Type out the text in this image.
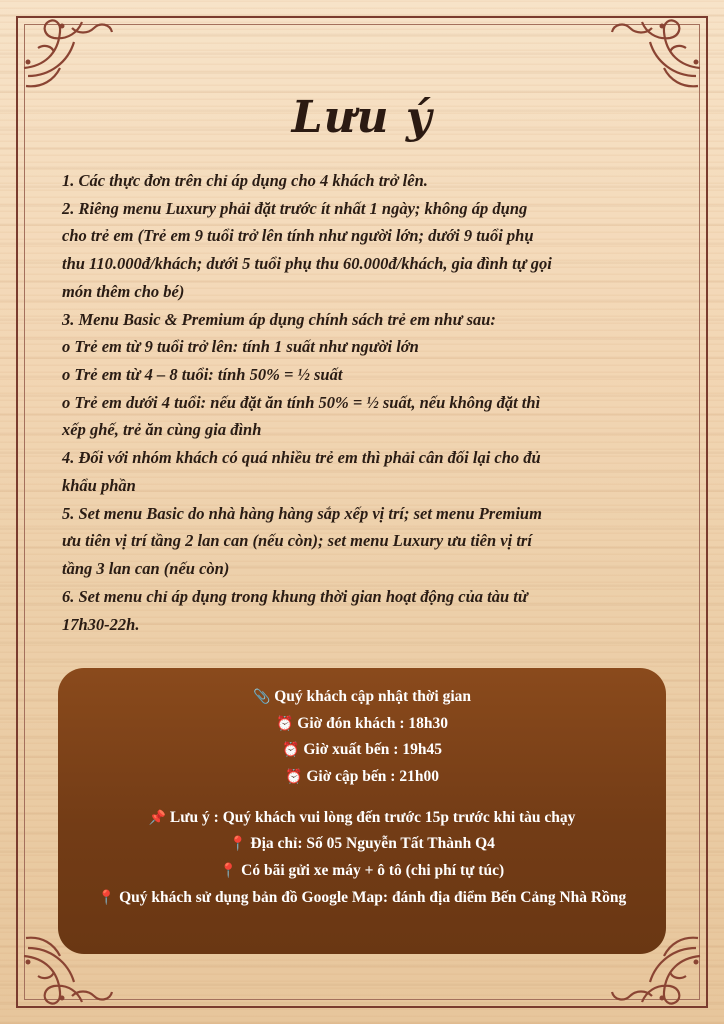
Lưu ý

1. Các thực đơn trên chỉ áp dụng cho 4 khách trở lên.

2. Riêng menu Luxury phải đặt trước ít nhất 1 ngày; không áp dụng

cho trẻ em (Trẻ em 9 tuổi trở lên tính như người lớn; dưới 9 tuổi phụ

thu 110.000đ/khách; dưới 5 tuổi phụ thu 60.000đ/khách, gia đình tự gọi

món thêm cho bé)

3. Menu Basic & Premium áp dụng chính sách trẻ em như sau:

o Trẻ em từ 9 tuổi trở lên: tính 1 suất như người lớn

o Trẻ em từ 4 – 8 tuổi: tính 50% = ½ suất

o Trẻ em dưới 4 tuổi: nếu đặt ăn tính 50% = ½ suất, nếu không đặt thì

xếp ghế, trẻ ăn cùng gia đình

4. Đối với nhóm khách có quá nhiều trẻ em thì phải cân đối lại cho đủ

khẩu phần

5. Set menu Basic do nhà hàng hàng sắp xếp vị trí; set menu Premium

ưu tiên vị trí tầng 2 lan can (nếu còn); set menu Luxury ưu tiên vị trí

tầng 3 lan can (nếu còn)

6. Set menu chỉ áp dụng trong khung thời gian hoạt động của tàu từ

17h30-22h.

📎 Quý khách cập nhật thời gian
⏰ Giờ đón khách : 18h30
⏰ Giờ xuất bến : 19h45
⏰ Giờ cập bến : 21h00
📌 Lưu ý : Quý khách vui lòng đến trước 15p trước khi tàu chạy
📍 Địa chỉ: Số 05 Nguyễn Tất Thành Q4
📍 Có bãi gửi xe máy + ô tô (chi phí tự túc)
📍 Quý khách sử dụng bản đồ Google Map: đánh địa điểm Bến Cảng Nhà Rồng
